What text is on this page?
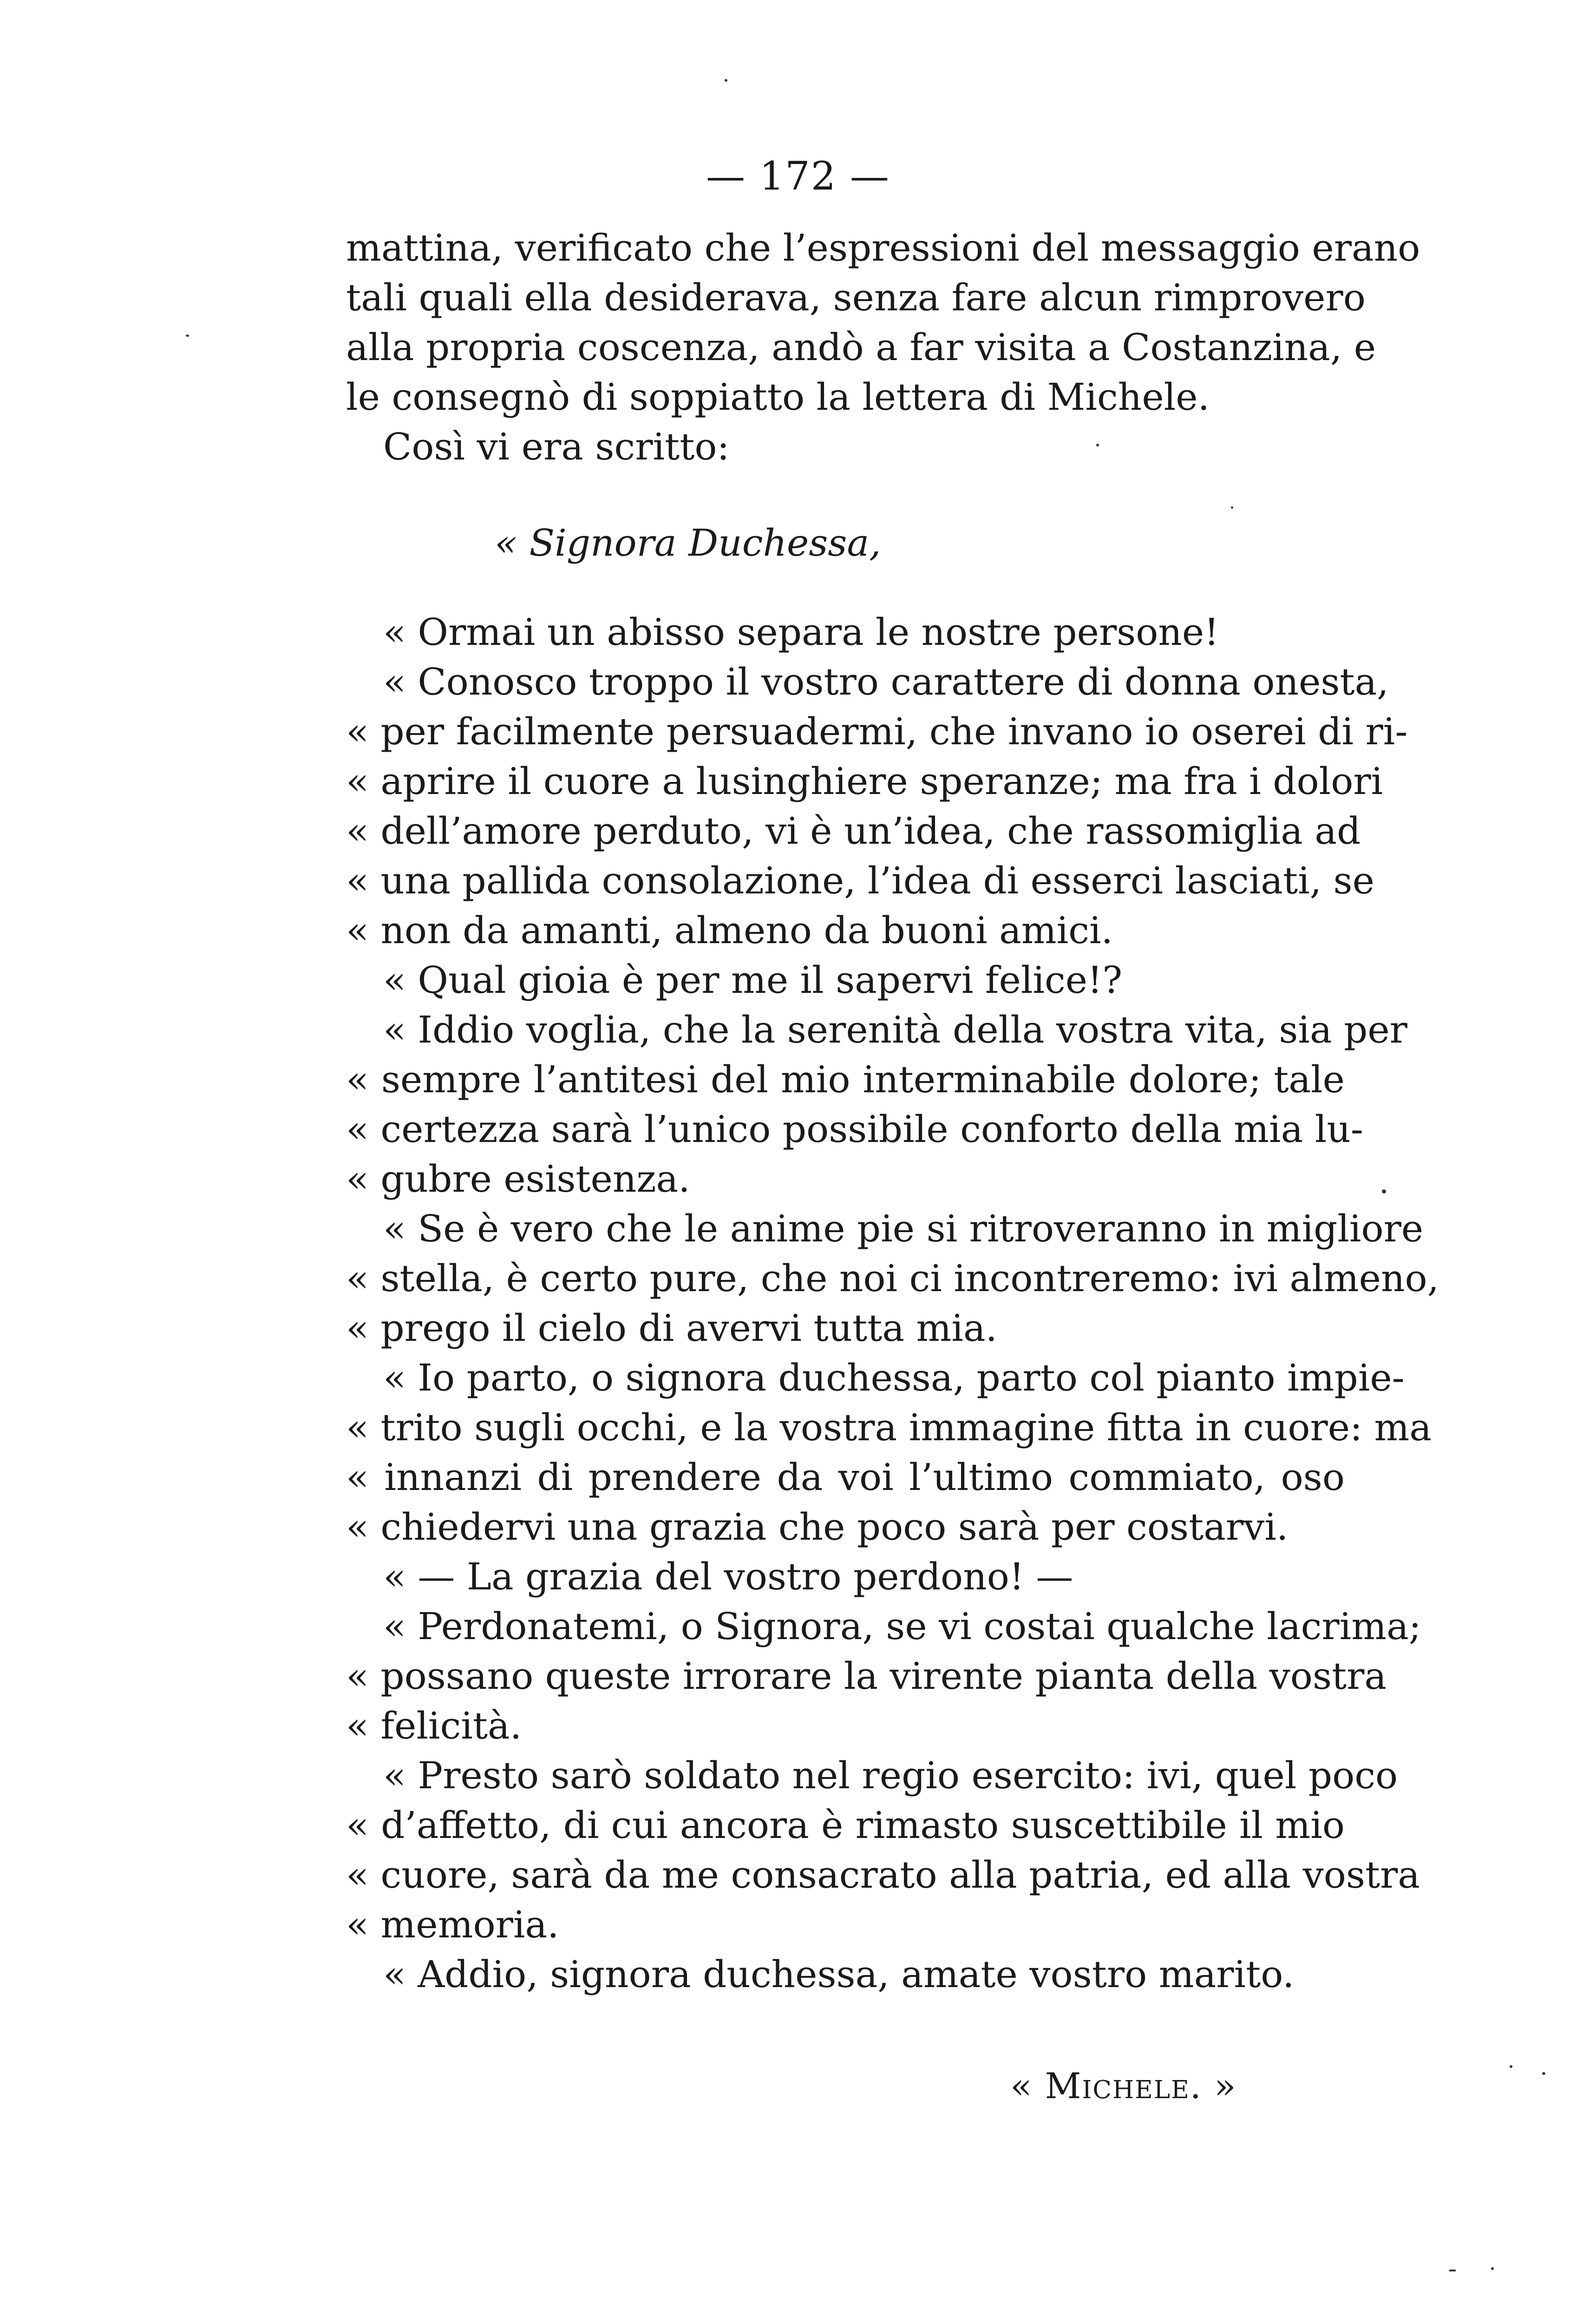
— 172 —
mattina, verificato che l’espressioni del messaggio erano
tali quali ella desiderava, senza fare alcun rimprovero
alla propria coscenza, andò a far visita a Costanzina, e
le consegnò di soppiatto la lettera di Michele.
Così vi era scritto:
« Signora Duchessa,
« Ormai un abisso separa le nostre persone!
« Conosco troppo il vostro carattere di donna onesta,
« per facilmente persuadermi, che invano io oserei di ri-
« aprire il cuore a lusinghiere speranze; ma fra i dolori
« dell’amore perduto, vi è un’idea, che rassomiglia ad
« una pallida consolazione, l’idea di esserci lasciati, se
« non da amanti, almeno da buoni amici.
« Qual gioia è per me il sapervi felice!?
« Iddio voglia, che la serenità della vostra vita, sia per
« sempre l’antitesi del mio interminabile dolore; tale
« certezza sarà l’unico possibile conforto della mia lu-
« gubre esistenza.
« Se è vero che le anime pie si ritroveranno in migliore
« stella, è certo pure, che noi ci incontreremo: ivi almeno,
« prego il cielo di avervi tutta mia.
« Io parto, o signora duchessa, parto col pianto impie-
« trito sugli occhi, e la vostra immagine fitta in cuore: ma
« innanzi di prendere da voi l’ultimo commiato, oso
« chiedervi una grazia che poco sarà per costarvi.
« — La grazia del vostro perdono! —
« Perdonatemi, o Signora, se vi costai qualche lacrima;
« possano queste irrorare la virente pianta della vostra
« felicità.
« Presto sarò soldato nel regio esercito: ivi, quel poco
« d’affetto, di cui ancora è rimasto suscettibile il mio
« cuore, sarà da me consacrato alla patria, ed alla vostra
« memoria.
« Addio, signora duchessa, amate vostro marito.
« Michele. »
